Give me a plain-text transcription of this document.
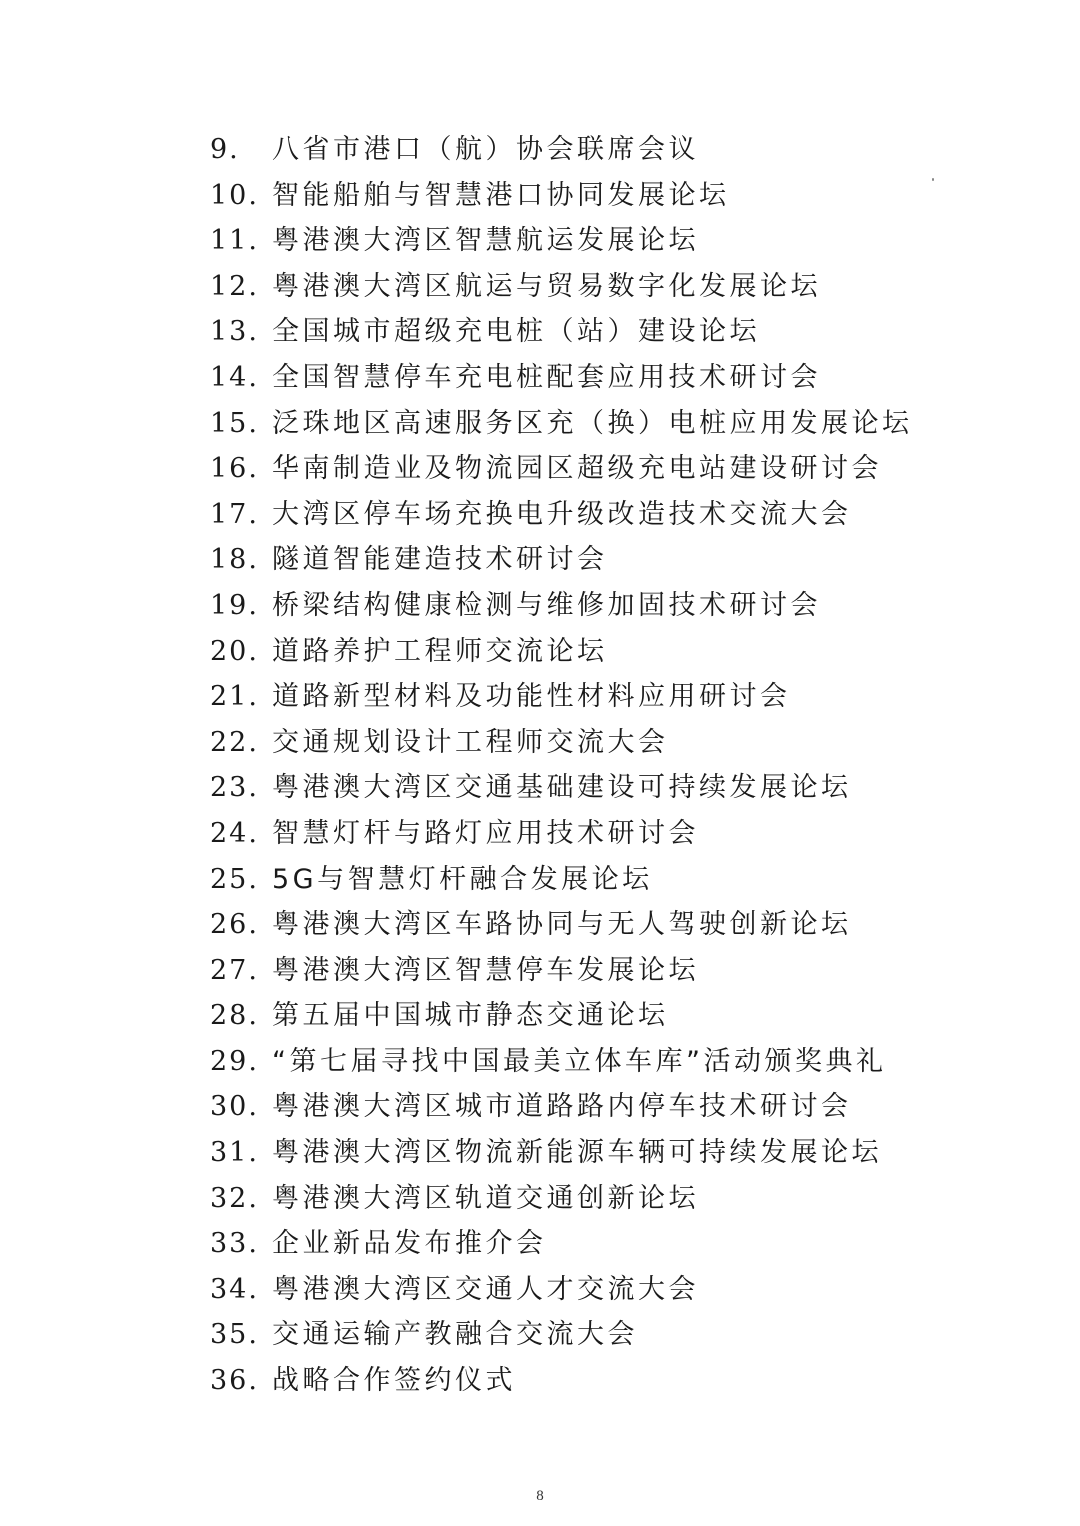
9.	八省市港口（航）协会联席会议
10. 智能船舶与智慧港口协同发展论坛
11. 粤港澳大湾区智慧航运发展论坛
12. 粤港澳大湾区航运与贸易数字化发展论坛
13. 全国城市超级充电桩（站）建设论坛
14. 全国智慧停车充电桩配套应用技术研讨会
15. 泛珠地区高速服务区充（换）电桩应用发展论坛
16. 华南制造业及物流园区超级充电站建设研讨会
17. 大湾区停车场充换电升级改造技术交流大会
18. 隧道智能建造技术研讨会
19. 桥梁结构健康检测与维修加固技术研讨会
20. 道路养护工程师交流论坛
21. 道路新型材料及功能性材料应用研讨会
22. 交通规划设计工程师交流大会
23. 粤港澳大湾区交通基础建设可持续发展论坛
24. 智慧灯杆与路灯应用技术研讨会
25. 5G与智慧灯杆融合发展论坛
26. 粤港澳大湾区车路协同与无人驾驶创新论坛
27. 粤港澳大湾区智慧停车发展论坛
28. 第五届中国城市静态交通论坛
29. “第七届寻找中国最美立体车库”活动颁奖典礼
30. 粤港澳大湾区城市道路路内停车技术研讨会
31. 粤港澳大湾区物流新能源车辆可持续发展论坛
32. 粤港澳大湾区轨道交通创新论坛
33. 企业新品发布推介会
34. 粤港澳大湾区交通人才交流大会
35. 交通运输产教融合交流大会
36. 战略合作签约仪式
8
